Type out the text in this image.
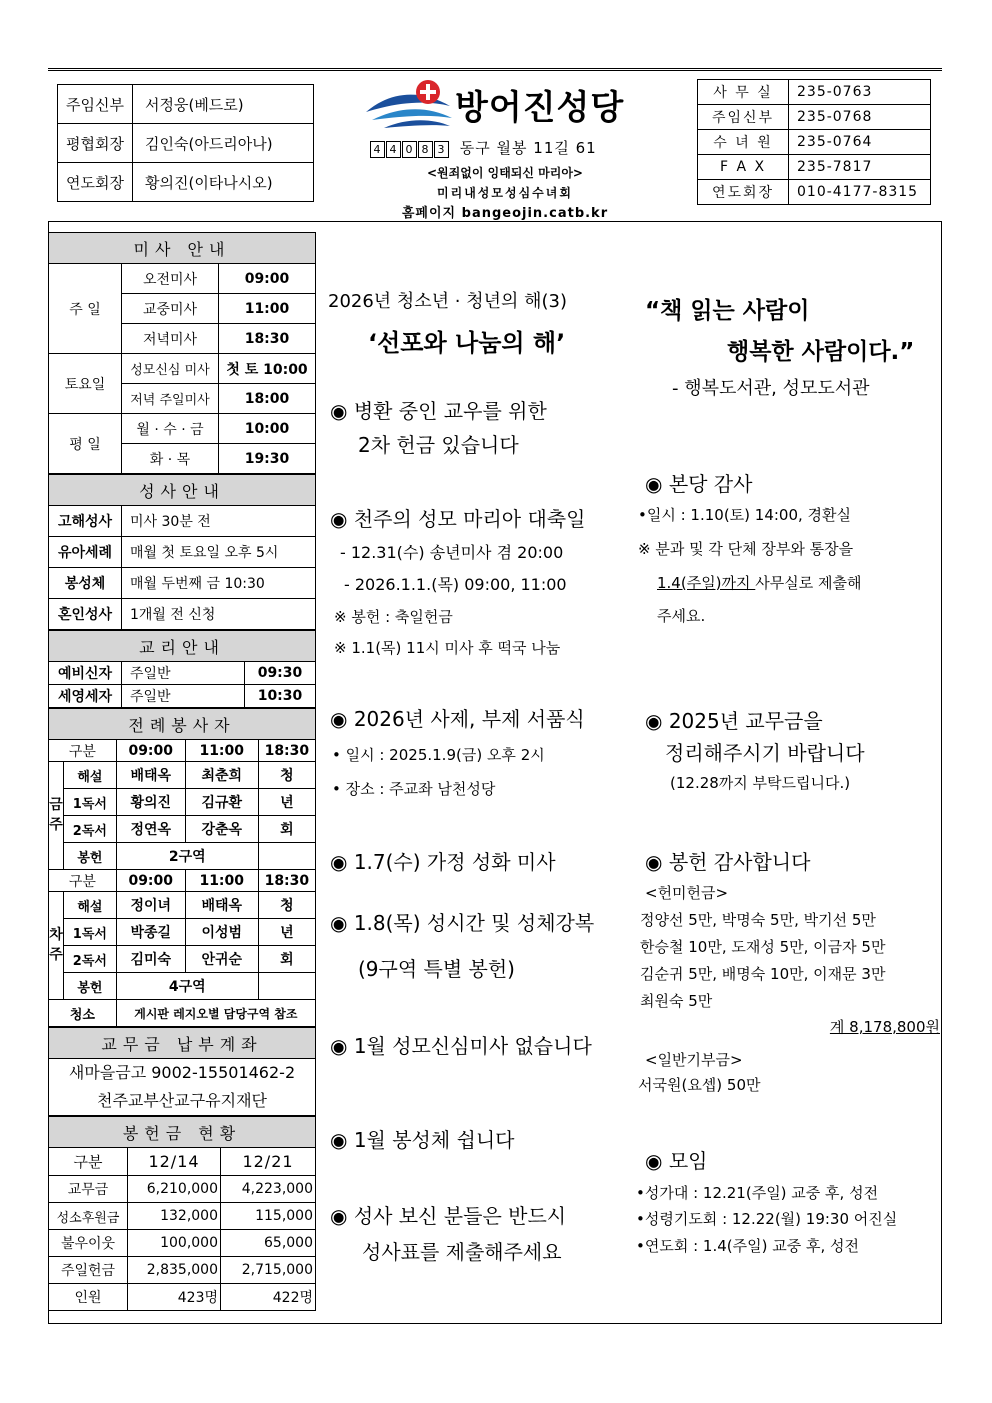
주임신부	서정웅(베드로)
평협회장	김인숙(아드리아나)
연도회장	황의진(이타나시오)
방어진성당
4 4 0 8 3 동구 월봉 11길 61
<원죄없이 잉태되신 마리아>
미리내성모성심수녀회
홈페이지 bangeojin.catb.kr
사 무 실	235-0763
주임신부	235-0768
수 녀 원	235-0764
F A X	235-7817
연도회장	010-4177-8315
미사 안내		
주 일	오전미사	09:00
	교중미사	11:00
	저녁미사	18:30
토요일	성모신심 미사	첫 토 10:00
	저녁 주일미사	18:00
평 일	월 · 수 · 금	10:00
	화 · 목	19:30
성사안내	
고해성사	미사 30분 전
유아세례	매월 첫 토요일 오후 5시
봉성체	매월 두번째 금 10:30
혼인성사	1개월 전 신청
교리안내		
예비신자	주일반	09:30
세영세자	주일반	10:30
전례봉사자				
구분		09:00	11:00	18:30
금
주	해설	배태옥	최춘희	청
	1독서	황의진	김규환	년
	2독서	정연옥	강춘옥	회
	봉헌	2구역		
구분		09:00	11:00	18:30
차
주	해설	정이녀	배태옥	청
	1독서	박종길	이성범	년
	2독서	김미숙	안귀순	회
	봉헌	4구역		
청소		게시판 레지오별 담당구역 참조		
교무금 납부계좌
새마을금고 9002-15501462-2
천주교부산교구유지재단
봉헌금 현황		
구분	12/14	12/21
교무금	6,210,000	4,223,000
성소후원금	132,000	115,000
불우이웃	100,000	65,000
주일헌금	2,835,000	2,715,000
인원	423명	422명
2026년 청소년 · 청년의 해(3)
‘선포와 나눔의 해’
◉ 병환 중인 교우를 위한
2차 헌금 있습니다
◉ 천주의 성모 마리아 대축일
- 12.31(수) 송년미사 겸 20:00
- 2026.1.1.(목) 09:00, 11:00
※ 봉헌 : 축일헌금
※ 1.1(목) 11시 미사 후 떡국 나눔
◉ 2026년 사제, 부제 서품식
• 일시 : 2025.1.9(금) 오후 2시
• 장소 : 주교좌 남천성당
◉ 1.7(수) 가정 성화 미사
◉ 1.8(목) 성시간 및 성체강복
(9구역 특별 봉헌)
◉ 1월 성모신심미사 없습니다
◉ 1월 봉성체 쉽니다
◉ 성사 보신 분들은 반드시
성사표를 제출해주세요
“책 읽는 사람이
행복한 사람이다.”
- 행복도서관, 성모도서관
◉ 본당 감사
•일시 : 1.10(토) 14:00, 경환실
※ 분과 및 각 단체 장부와 통장을
1.4(주일)까지 사무실로 제출해
주세요.
◉ 2025년 교무금을
정리해주시기 바랍니다
(12.28까지 부탁드립니다.)
◉ 봉헌 감사합니다
<헌미헌금>
정양선 5만, 박명숙 5만, 박기선 5만
한승철 10만, 도재성 5만, 이금자 5만
김순귀 5만, 배명숙 10만, 이재문 3만
최원숙 5만
계 8,178,800원
<일반기부금>
서국원(요셉) 50만
◉ 모임
•성가대 : 12.21(주일) 교중 후, 성전
•성령기도회 : 12.22(월) 19:30 어진실
•연도회 : 1.4(주일) 교중 후, 성전
